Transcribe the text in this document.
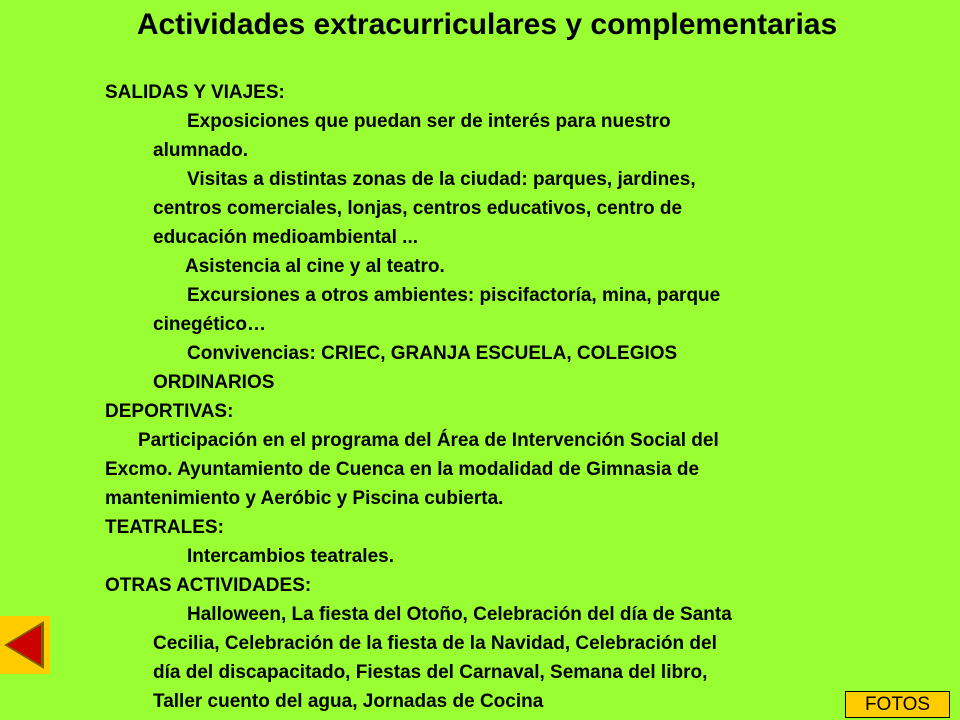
Actividades extracurriculares y complementarias
SALIDAS Y VIAJES:
Exposiciones que puedan ser de interés para nuestro
alumnado.
Visitas a distintas zonas de la ciudad: parques, jardines,
centros comerciales, lonjas, centros educativos, centro de
educación medioambiental ...
Asistencia al cine y al teatro.
Excursiones a otros ambientes: piscifactoría, mina, parque
cinegético…
Convivencias: CRIEC, GRANJA ESCUELA, COLEGIOS
ORDINARIOS
DEPORTIVAS:
Participación en el programa del Área de Intervención Social del
Excmo. Ayuntamiento de Cuenca en la modalidad de Gimnasia de
mantenimiento y Aeróbic y Piscina cubierta.
TEATRALES:
Intercambios teatrales.
OTRAS ACTIVIDADES:
Halloween, La fiesta del Otoño, Celebración del día de Santa
Cecilia, Celebración de la fiesta de la Navidad, Celebración del
día del discapacitado, Fiestas del Carnaval, Semana del libro,
Taller cuento del agua, Jornadas de Cocina	FOTOS
